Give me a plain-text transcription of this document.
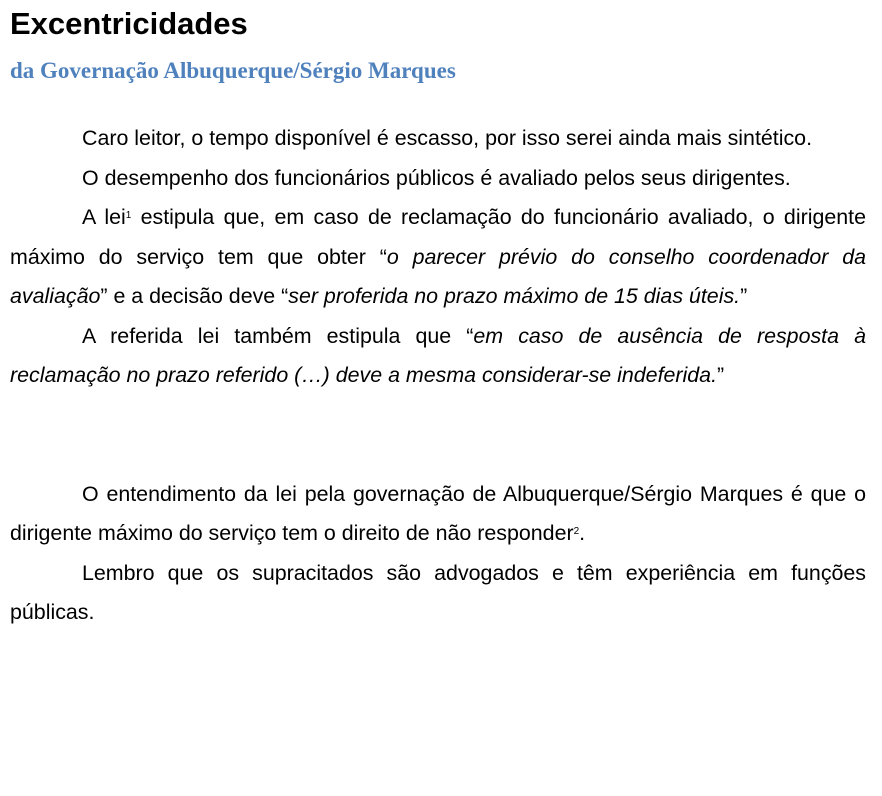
Excentricidades
da Governação Albuquerque/Sérgio Marques

Caro leitor, o tempo disponível é escasso, por isso serei ainda mais sintético.

O desempenho dos funcionários públicos é avaliado pelos seus dirigentes.

A lei$^1$ estipula que, em caso de reclamação do funcionário avaliado, o dirigente máximo do serviço tem que obter “o parecer prévio do conselho coordenador da avaliação” e a decisão deve “ser proferida no prazo máximo de 15 dias úteis.”

A referida lei também estipula que “em caso de ausência de resposta à reclamação no prazo referido (…) deve a mesma considerar-se indeferida.”

O entendimento da lei pela governação de Albuquerque/Sérgio Marques é que o dirigente máximo do serviço tem o direito de não responder$^2$.

Lembro que os supracitados são advogados e têm experiência em funções públicas.
